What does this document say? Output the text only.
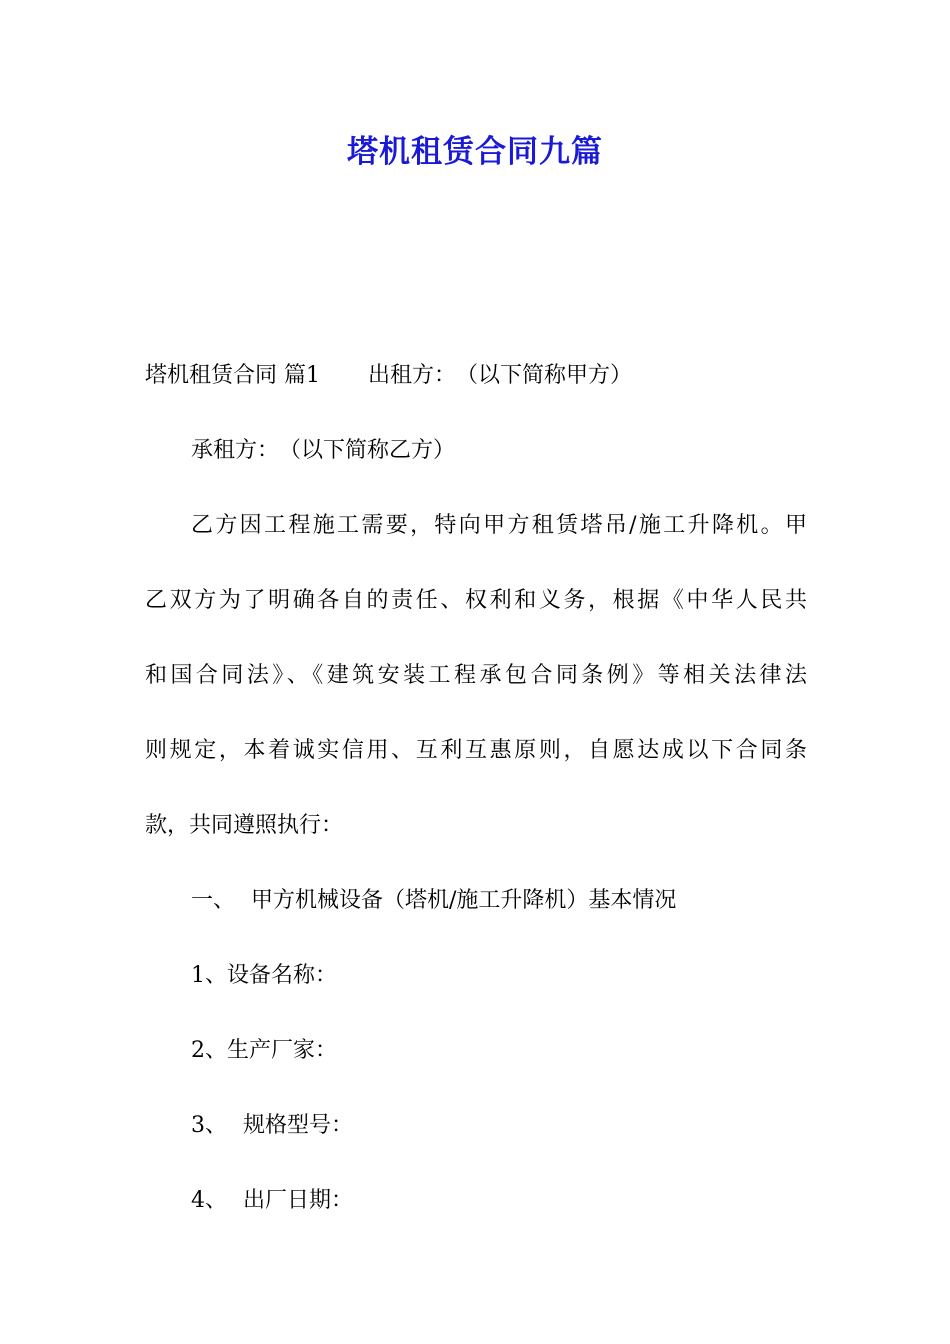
塔机租赁合同九篇

塔机租赁合同 篇1 出租方：　（以下简称甲方）

承租方：　（以下简称乙方）

乙方因工程施工需要，特向甲方租赁塔吊/施工升降机。甲

乙双方为了明确各自的责任、权利和义务，根据《中华人民共

和国合同法》、《建筑安装工程承包合同条例》等相关法律法

则规定，本着诚实信用、互利互惠原则，自愿达成以下合同条

款，共同遵照执行：

一、 甲方机械设备（塔机/施工升降机）基本情况

1、设备名称：

2、生产厂家：

3、 规格型号：

4、 出厂日期：
